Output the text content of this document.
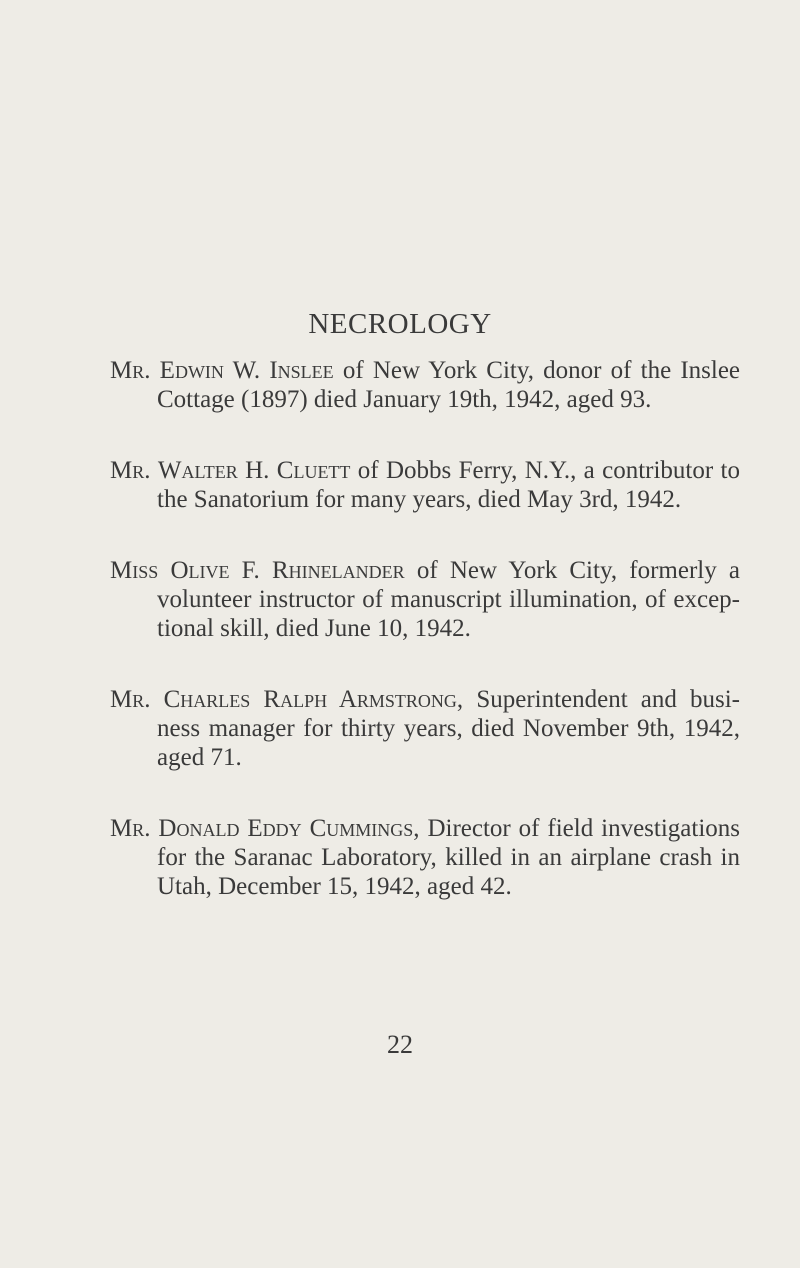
NECROLOGY

Mr. Edwin W. Inslee of New York City, donor of the Inslee Cottage (1897) died January 19th, 1942, aged 93.

Mr. Walter H. Cluett of Dobbs Ferry, N.Y., a contributor to the Sanatorium for many years, died May 3rd, 1942.

Miss Olive F. Rhinelander of New York City, formerly a volunteer instructor of manuscript illumination, of excep-tional skill, died June 10, 1942.

Mr. Charles Ralph Armstrong, Superintendent and busi-ness manager for thirty years, died November 9th, 1942, aged 71.

Mr. Donald Eddy Cummings, Director of field investigations for the Saranac Laboratory, killed in an airplane crash in Utah, December 15, 1942, aged 42.

22
